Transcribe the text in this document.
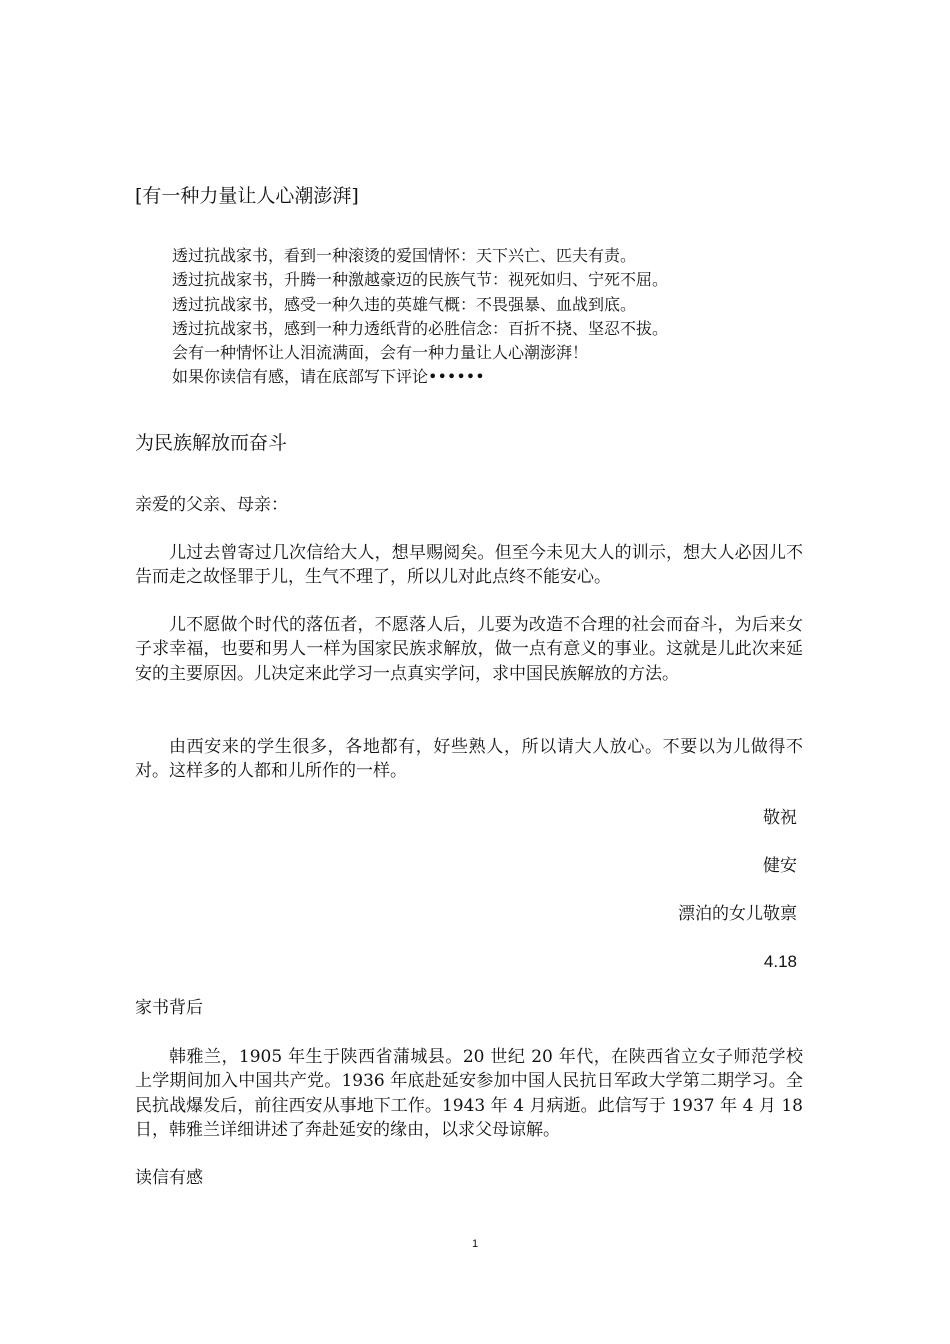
[有一种力量让人心潮澎湃]

透过抗战家书，看到一种滚烫的爱国情怀：天下兴亡、匹夫有责。

透过抗战家书，升腾一种激越豪迈的民族气节：视死如归、宁死不屈。

透过抗战家书，感受一种久违的英雄气概：不畏强暴、血战到底。

透过抗战家书，感到一种力透纸背的必胜信念：百折不挠、坚忍不拔。

会有一种情怀让人泪流满面，会有一种力量让人心潮澎湃！

如果你读信有感，请在底部写下评论••••••

为民族解放而奋斗
亲爱的父亲、母亲：

儿过去曾寄过几次信给大人，想早赐阅矣。但至今未见大人的训示，想大人必因儿不告而走之故怪罪于儿，生气不理了，所以儿对此点终不能安心。

儿不愿做个时代的落伍者，不愿落人后，儿要为改造不合理的社会而奋斗，为后来女子求幸福，也要和男人一样为国家民族求解放，做一点有意义的事业。这就是儿此次来延安的主要原因。儿决定来此学习一点真实学问，求中国民族解放的方法。

由西安来的学生很多，各地都有，好些熟人，所以请大人放心。不要以为儿做得不对。这样多的人都和儿所作的一样。

敬祝
健安
漂泊的女儿敬禀
4.18
家书背后

韩雅兰，1905 年生于陕西省蒲城县。20 世纪 20 年代，在陕西省立女子师范学校上学期间加入中国共产党。1936 年底赴延安参加中国人民抗日军政大学第二期学习。全民抗战爆发后，前往西安从事地下工作。1943 年 4 月病逝。此信写于 1937 年 4 月 18 日，韩雅兰详细讲述了奔赴延安的缘由，以求父母谅解。

读信有感
1
